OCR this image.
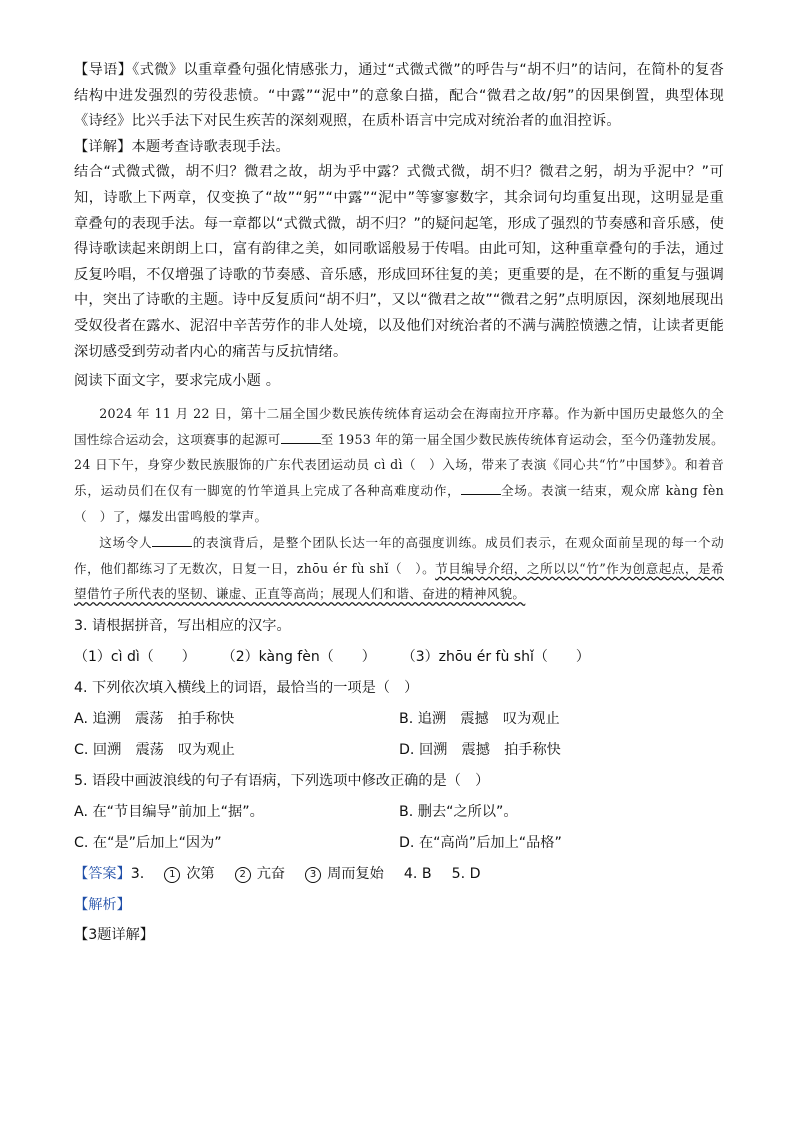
【导语】《式微》以重章叠句强化情感张力，通过“式微式微”的呼告与“胡不归”的诘问，在简朴的复沓结构中进发强烈的劳役悲愤。“中露”“泥中”的意象白描，配合“微君之故/躬”的因果倒置，典型体现《诗经》比兴手法下对民生疾苦的深刻观照，在质朴语言中完成对统治者的血泪控诉。

【详解】本题考查诗歌表现手法。

结合“式微式微，胡不归？微君之故，胡为乎中露？式微式微，胡不归？微君之躬，胡为乎泥中？”可知，诗歌上下两章，仅变换了“故”“躬”“中露”“泥中”等寥寥数字，其余词句均重复出现，这明显是重章叠句的表现手法。每一章都以“式微式微，胡不归？”的疑问起笔，形成了强烈的节奏感和音乐感，使得诗歌读起来朗朗上口，富有韵律之美，如同歌谣般易于传唱。由此可知，这种重章叠句的手法，通过反复吟唱，不仅增强了诗歌的节奏感、音乐感，形成回环往复的美；更重要的是，在不断的重复与强调中，突出了诗歌的主题。诗中反复质问“胡不归”，又以“微君之故”“微君之躬”点明原因，深刻地展现出受奴役者在露水、泥沼中辛苦劳作的非人处境，以及他们对统治者的不满与满腔愤懑之情，让读者更能深切感受到劳动者内心的痛苦与反抗情绪。

阅读下面文字，要求完成小题 。

2024 年 11 月 22 日，第十二届全国少数民族传统体育运动会在海南拉开序幕。作为新中国历史最悠久的全国性综合运动会，这项赛事的起源可	至 1953 年的第一届全国少数民族传统体育运动会，至今仍蓬勃发展。24 日下午，身穿少数民族服饰的广东代表团运动员 cì dì（　）入场，带来了表演《同心共“竹”中国梦》。和着音乐，运动员们在仅有一脚宽的竹竿道具上完成了各种高难度动作，	全场。表演一结束，观众席 kàng fèn（　）了，爆发出雷鸣般的掌声。

这场令人	的表演背后，是整个团队长达一年的高强度训练。成员们表示，在观众面前呈现的每一个动作，他们都练习了无数次，日复一日，zhōu ér fù shǐ（　）。节目编导介绍，之所以以“竹”作为创意起点，是希望借竹子所代表的坚韧、谦虚、正直等高尚；展现人们和谐、奋进的精神风貌。

3. 请根据拼音，写出相应的汉字。

（1）cì dì（　　） （2）kàng fèn（　　） （3）zhōu ér fù shǐ（　　）

4. 下列依次填入横线上的词语，最恰当的一项是（　）

A. 追溯　震荡　拍手称快	B. 追溯　震撼　叹为观止
C. 回溯　震荡　叹为观止	D. 回溯　震撼　拍手称快

5. 语段中画波浪线的句子有语病，下列选项中修改正确的是（　）

A. 在“节目编导”前加上“据”。	B. 删去“之所以”。
C. 在“是”后加上“因为”	D. 在“高尚”后加上“品格”
【答案】3.	1 次第	2 亢奋	3 周而复始 4. B 5. D

【解析】

【3题详解】
